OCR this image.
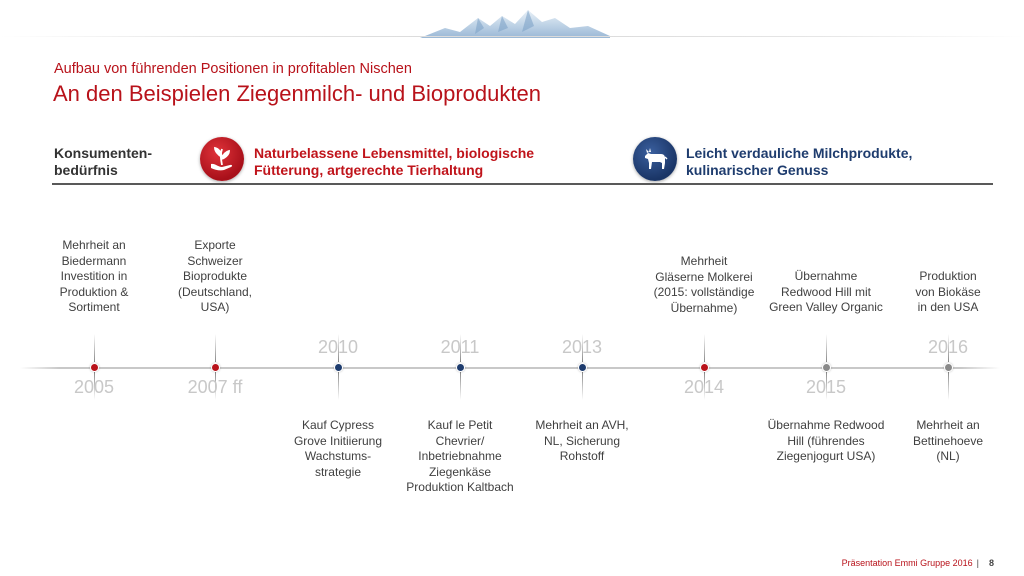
Aufbau von führenden Positionen in profitablen Nischen
An den Beispielen Ziegenmilch- und Bioprodukten
Konsumenten-
bedürfnis
Naturbelassene Lebensmittel, biologische
Fütterung, artgerechte Tierhaltung
Leicht verdauliche Milchprodukte,
kulinarischer Genuss
2005
Mehrheit an
Biedermann
Investition in
Produktion &
Sortiment
2007 ff
Exporte
Schweizer
Bioprodukte
(Deutschland,
USA)
2010
Kauf Cypress
Grove Initiierung
Wachstums-
strategie
2011
Kauf le Petit
Chevrier/
Inbetriebnahme
Ziegenkäse
Produktion Kaltbach
2013
Mehrheit an AVH,
NL, Sicherung
Rohstoff
2014
Mehrheit
Gläserne Molkerei
(2015: vollständige
Übernahme)
2015
Übernahme
Redwood Hill mit
Green Valley Organic
Übernahme Redwood
Hill (führendes
Ziegenjogurt USA)
2016
Produktion
von Biokäse
in den USA
Mehrheit an
Bettinehoeve
(NL)
Präsentation Emmi Gruppe 2016 | 8
